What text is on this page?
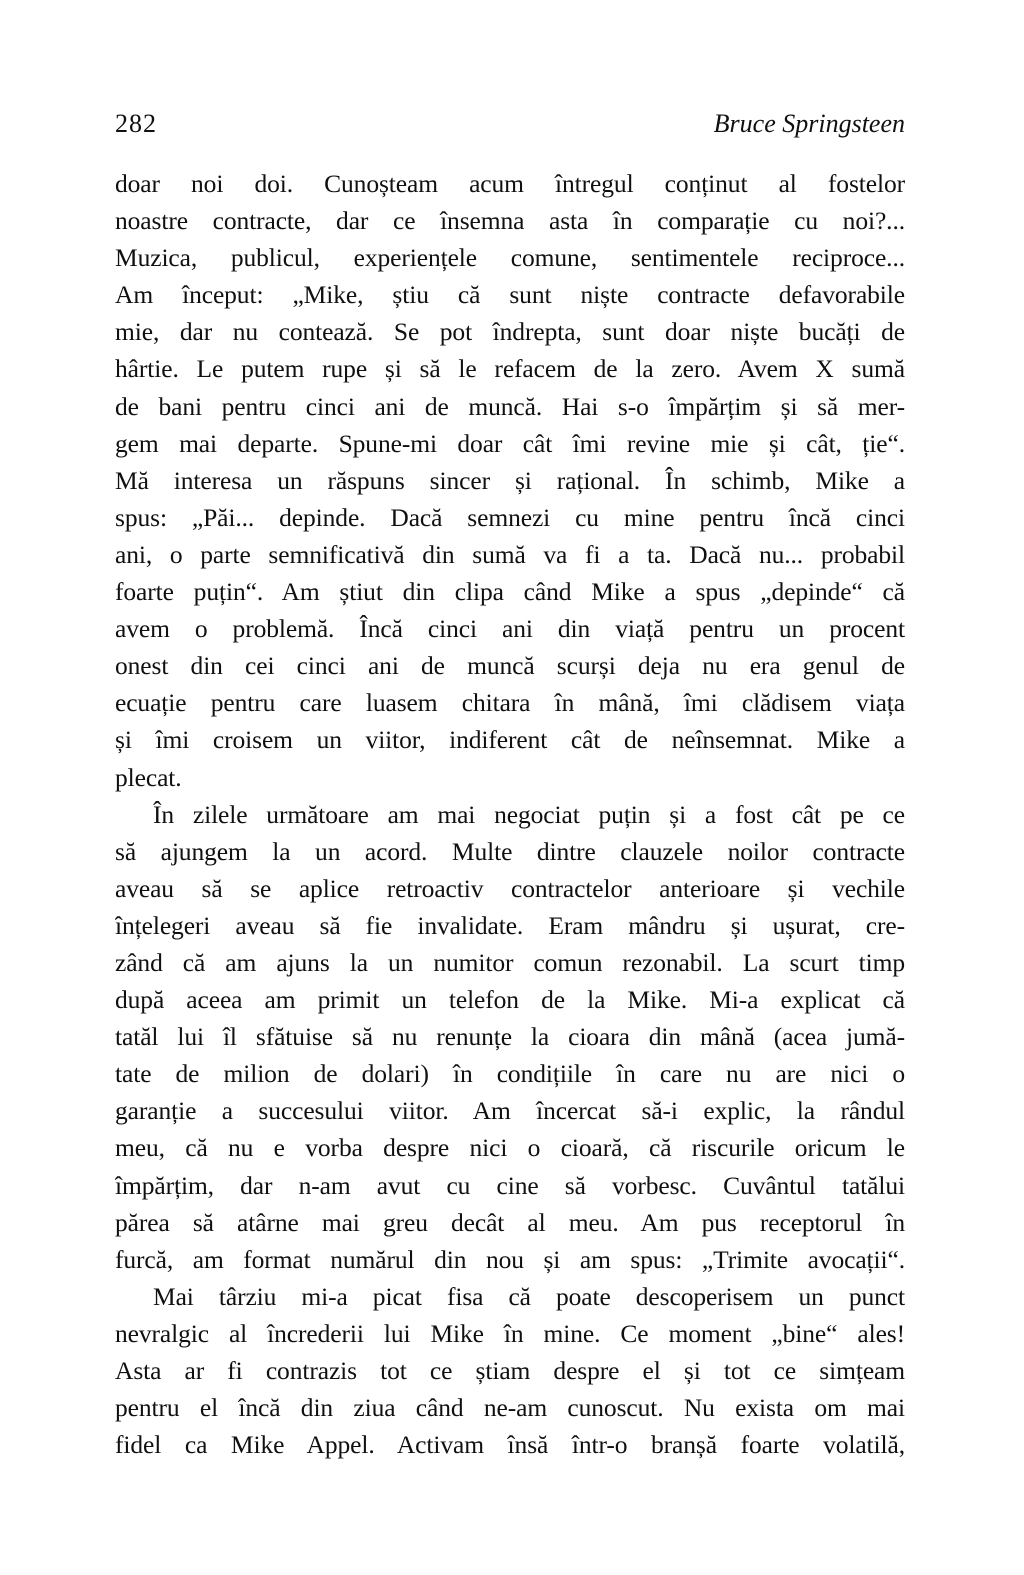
282	Bruce Springsteen
doar noi doi. Cunoșteam acum întregul conținut al fostelor
noastre contracte, dar ce însemna asta în comparație cu noi?...
Muzica, publicul, experiențele comune, sentimentele reciproce...
Am început: „Mike, știu că sunt niște contracte defavorabile
mie, dar nu contează. Se pot îndrepta, sunt doar niște bucăți de
hârtie. Le putem rupe și să le refacem de la zero. Avem X sumă
de bani pentru cinci ani de muncă. Hai s-o împărțim și să mer-
gem mai departe. Spune-mi doar cât îmi revine mie și cât, ție“.
Mă interesa un răspuns sincer și rațional. În schimb, Mike a
spus: „Păi... depinde. Dacă semnezi cu mine pentru încă cinci
ani, o parte semnificativă din sumă va fi a ta. Dacă nu... probabil
foarte puțin“. Am știut din clipa când Mike a spus „depinde“ că
avem o problemă. Încă cinci ani din viață pentru un procent
onest din cei cinci ani de muncă scurși deja nu era genul de
ecuație pentru care luasem chitara în mână, îmi clădisem viața
și îmi croisem un viitor, indiferent cât de neînsemnat. Mike a
plecat.
În zilele următoare am mai negociat puțin și a fost cât pe ce
să ajungem la un acord. Multe dintre clauzele noilor contracte
aveau să se aplice retroactiv contractelor anterioare și vechile
înțelegeri aveau să fie invalidate. Eram mândru și ușurat, cre-
zând că am ajuns la un numitor comun rezonabil. La scurt timp
după aceea am primit un telefon de la Mike. Mi-a explicat că
tatăl lui îl sfătuise să nu renunțe la cioara din mână (acea jumă-
tate de milion de dolari) în condițiile în care nu are nici o
garanție a succesului viitor. Am încercat să-i explic, la rândul
meu, că nu e vorba despre nici o cioară, că riscurile oricum le
împărțim, dar n-am avut cu cine să vorbesc. Cuvântul tatălui
părea să atârne mai greu decât al meu. Am pus receptorul în
furcă, am format numărul din nou și am spus: „Trimite avocații“.
Mai târziu mi-a picat fisa că poate descoperisem un punct
nevralgic al încrederii lui Mike în mine. Ce moment „bine“ ales!
Asta ar fi contrazis tot ce știam despre el și tot ce simțeam
pentru el încă din ziua când ne-am cunoscut. Nu exista om mai
fidel ca Mike Appel. Activam însă într-o branșă foarte volatilă,
